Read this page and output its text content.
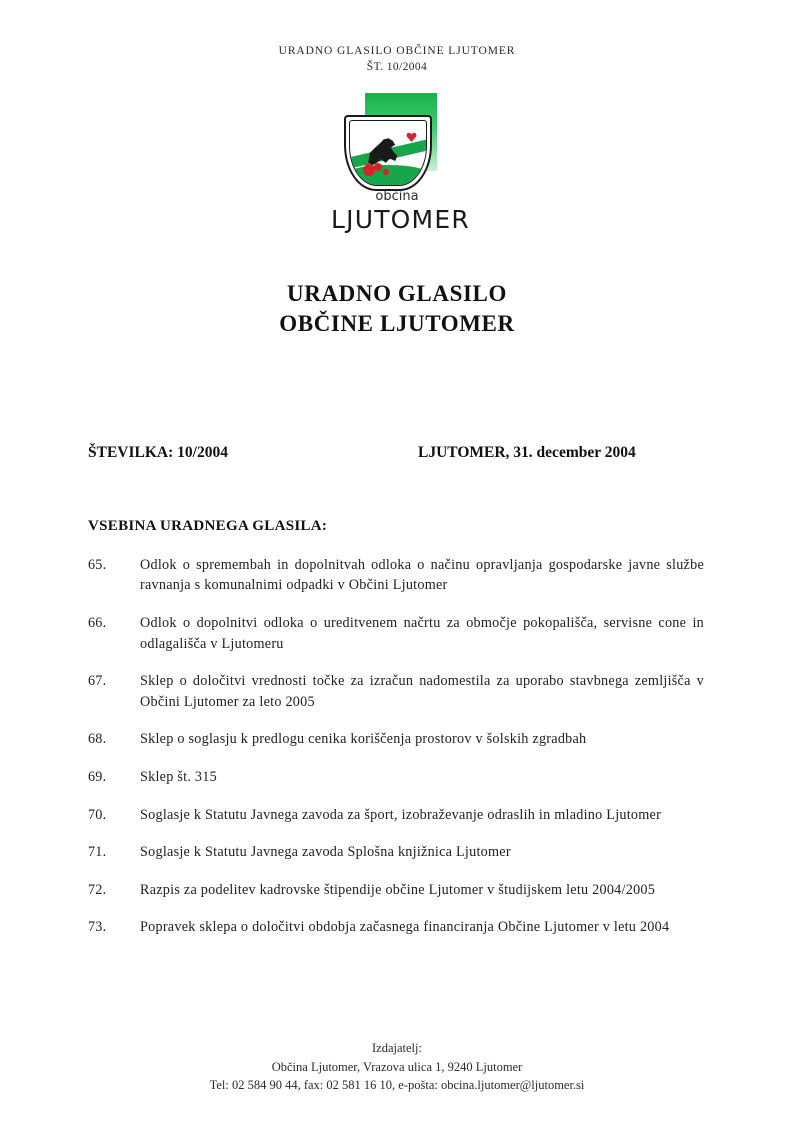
URADNO GLASILO OBČINE LJUTOMER
ŠT. 10/2004
občina
LJUTOMER
URADNO GLASILO
OBČINE LJUTOMER
ŠTEVILKA: 10/2004	LJUTOMER, 31. december 2004
VSEBINA URADNEGA GLASILA:
65.	Odlok o spremembah in dopolnitvah odloka o načinu opravljanja gospodarske javne službe ravnanja s komunalnimi odpadki v Občini Ljutomer
66.	Odlok o dopolnitvi odloka o ureditvenem načrtu za območje pokopališča, servisne cone in odlagališča v Ljutomeru
67.	Sklep o določitvi vrednosti točke za izračun nadomestila za uporabo stavbnega zemljišča v Občini Ljutomer za leto 2005
68.	Sklep o soglasju k predlogu cenika koriščenja prostorov v šolskih zgradbah
69.	Sklep št. 315
70.	Soglasje k Statutu Javnega zavoda za šport, izobraževanje odraslih in mladino Ljutomer
71.	Soglasje k Statutu Javnega zavoda Splošna knjižnica Ljutomer
72.	Razpis za podelitev kadrovske štipendije občine Ljutomer v študijskem letu 2004/2005
73.	Popravek sklepa o določitvi obdobja začasnega financiranja Občine Ljutomer v letu 2004
Izdajatelj:
Občina Ljutomer, Vrazova ulica 1, 9240 Ljutomer
Tel: 02 584 90 44, fax: 02 581 16 10, e-pošta: obcina.ljutomer@ljutomer.si
